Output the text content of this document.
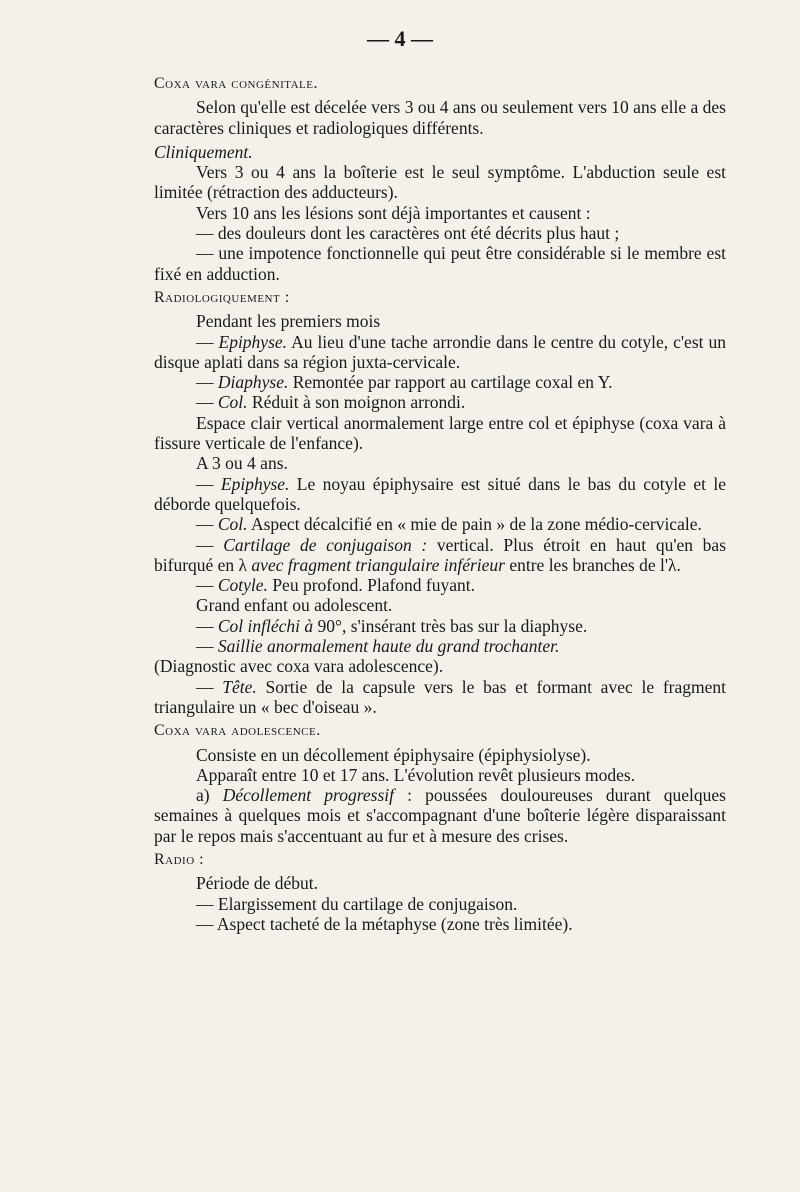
— 4 —

Coxa vara congénitale.

Selon qu'elle est décelée vers 3 ou 4 ans ou seulement vers 10 ans elle a des caractères cliniques et radiologiques différents.

Cliniquement.

Vers 3 ou 4 ans la boîterie est le seul symptôme. L'abduction seule est limitée (rétraction des adducteurs).

Vers 10 ans les lésions sont déjà importantes et causent :

— des douleurs dont les caractères ont été décrits plus haut ;

— une impotence fonctionnelle qui peut être considérable si le membre est fixé en adduction.

Radiologiquement :

Pendant les premiers mois

— Epiphyse. Au lieu d'une tache arrondie dans le centre du cotyle, c'est un disque aplati dans sa région juxta-cervicale.

— Diaphyse. Remontée par rapport au cartilage coxal en Y.

— Col. Réduit à son moignon arrondi.

Espace clair vertical anormalement large entre col et épiphyse (coxa vara à fissure verticale de l'enfance).

A 3 ou 4 ans.

— Epiphyse. Le noyau épiphysaire est situé dans le bas du cotyle et le déborde quelquefois.

— Col. Aspect décalcifié en « mie de pain » de la zone médio-cervicale.

— Cartilage de conjugaison : vertical. Plus étroit en haut qu'en bas bifurqué en λ avec fragment triangulaire inférieur entre les branches de l'λ.

— Cotyle. Peu profond. Plafond fuyant.

Grand enfant ou adolescent.

— Col infléchi à 90°, s'insérant très bas sur la diaphyse.

— Saillie anormalement haute du grand trochanter.

(Diagnostic avec coxa vara adolescence).

— Tête. Sortie de la capsule vers le bas et formant avec le fragment triangulaire un « bec d'oiseau ».

Coxa vara adolescence.

Consiste en un décollement épiphysaire (épiphysiolyse).

Apparaît entre 10 et 17 ans. L'évolution revêt plusieurs modes.

a) Décollement progressif : poussées douloureuses durant quelques semaines à quelques mois et s'accompagnant d'une boîterie légère disparaissant par le repos mais s'accentuant au fur et à mesure des crises.

Radio :

Période de début.

— Elargissement du cartilage de conjugaison.

— Aspect tacheté de la métaphyse (zone très limitée).
